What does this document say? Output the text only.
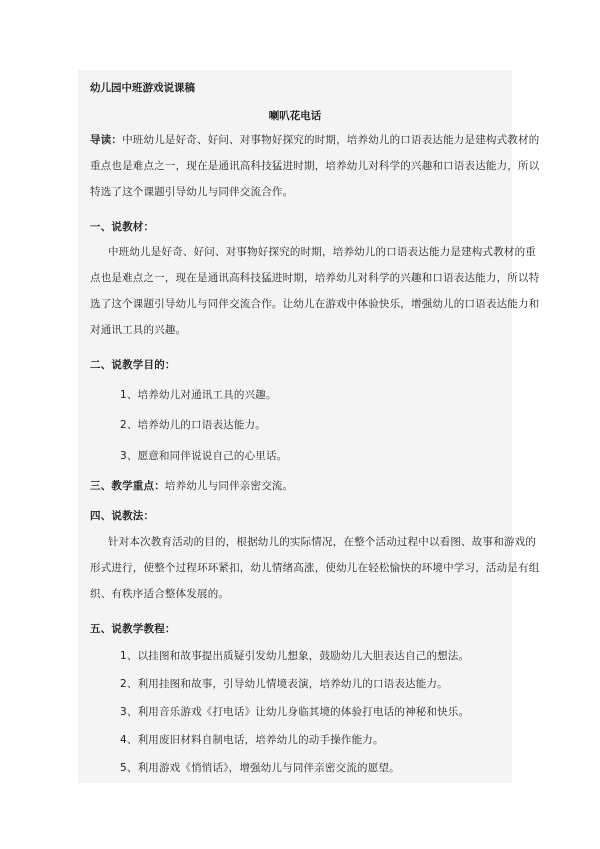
幼儿园中班游戏说课稿
喇叭花电话
导读：中班幼儿是好奇、好问、对事物好探究的时期，培养幼儿的口语表达能力是建构式教材的
重点也是难点之一，现在是通讯高科技猛进时期，培养幼儿对科学的兴趣和口语表达能力，所以
特选了这个课题引导幼儿与同伴交流合作。
一、说教材：
中班幼儿是好奇、好问、对事物好探究的时期，培养幼儿的口语表达能力是建构式教材的重
点也是难点之一，现在是通讯高科技猛进时期，培养幼儿对科学的兴趣和口语表达能力，所以特
选了这个课题引导幼儿与同伴交流合作。让幼儿在游戏中体验快乐，增强幼儿的口语表达能力和
对通讯工具的兴趣。
二、说教学目的：
1、培养幼儿对通讯工具的兴趣。
2、培养幼儿的口语表达能力。
3、愿意和同伴说说自己的心里话。
三、教学重点：培养幼儿与同伴亲密交流。
四、说教法：
针对本次教育活动的目的，根据幼儿的实际情况，在整个活动过程中以看图、故事和游戏的
形式进行，使整个过程环环紧扣，幼儿情绪高涨，使幼儿在轻松愉快的环境中学习，活动是有组
织、有秩序适合整体发展的。
五、说教学教程：
1、以挂图和故事提出质疑引发幼儿想象，鼓励幼儿大胆表达自己的想法。
2、利用挂图和故事，引导幼儿情境表演，培养幼儿的口语表达能力。
3、利用音乐游戏《打电话》让幼儿身临其境的体验打电话的神秘和快乐。
4、利用废旧材料自制电话，培养幼儿的动手操作能力。
5、利用游戏《悄悄话》，增强幼儿与同伴亲密交流的愿望。
